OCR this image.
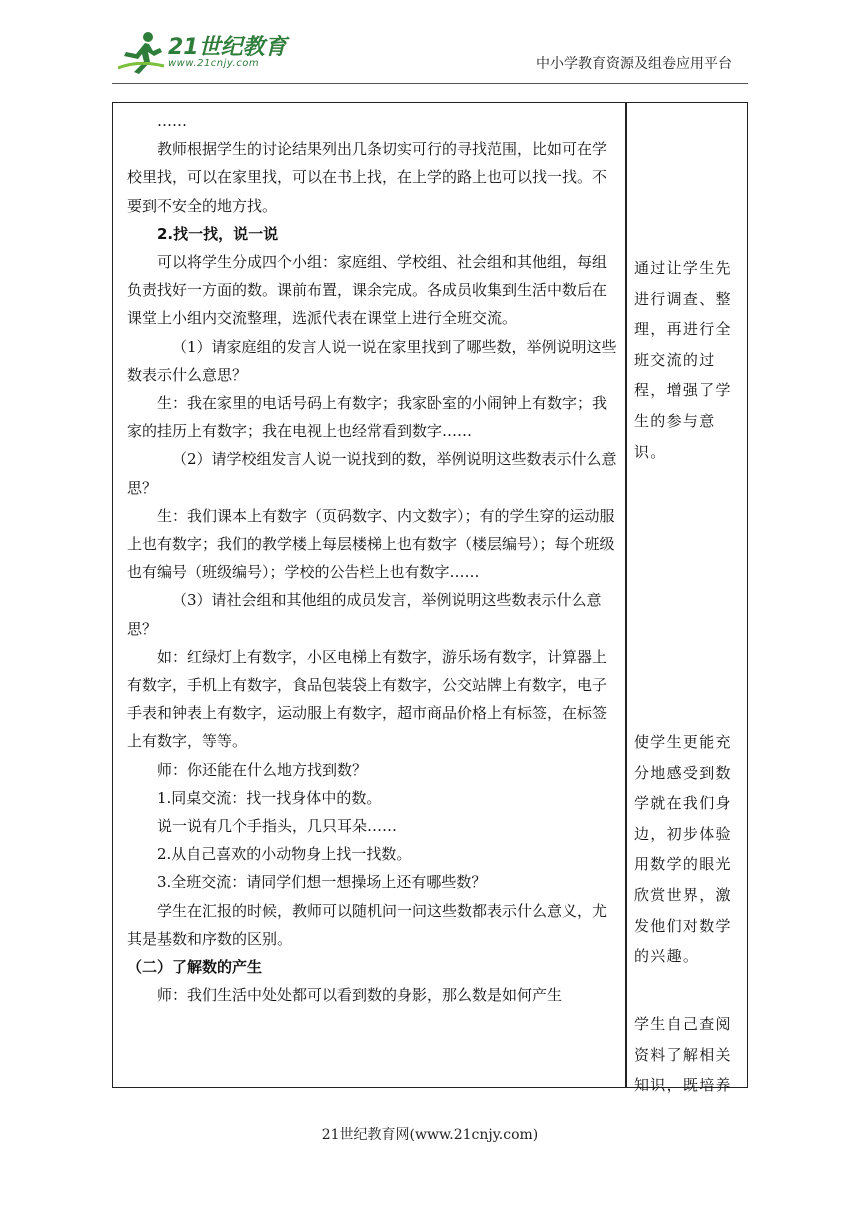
21世纪教育
www.21cnjy.com	中小学教育资源及组卷应用平台

……

教师根据学生的讨论结果列出几条切实可行的寻找范围，比如可在学校里找，可以在家里找，可以在书上找，在上学的路上也可以找一找。不要到不安全的地方找。

2.找一找，说一说

可以将学生分成四个小组：家庭组、学校组、社会组和其他组，每组负责找好一方面的数。课前布置，课余完成。各成员收集到生活中数后在课堂上小组内交流整理，选派代表在课堂上进行全班交流。

（1）请家庭组的发言人说一说在家里找到了哪些数，举例说明这些数表示什么意思？

生：我在家里的电话号码上有数字；我家卧室的小闹钟上有数字；我家的挂历上有数字；我在电视上也经常看到数字……

（2）请学校组发言人说一说找到的数，举例说明这些数表示什么意思？

生：我们课本上有数字（页码数字、内文数字）；有的学生穿的运动服上也有数字；我们的教学楼上每层楼梯上也有数字（楼层编号）；每个班级也有编号（班级编号）；学校的公告栏上也有数字……

（3）请社会组和其他组的成员发言，举例说明这些数表示什么意思？

如：红绿灯上有数字，小区电梯上有数字，游乐场有数字，计算器上有数字，手机上有数字，食品包装袋上有数字，公交站牌上有数字，电子手表和钟表上有数字，运动服上有数字，超市商品价格上有标签，在标签上有数字，等等。

师：你还能在什么地方找到数？

1.同桌交流：找一找身体中的数。

说一说有几个手指头，几只耳朵……

2.从自己喜欢的小动物身上找一找数。

3.全班交流：请同学们想一想操场上还有哪些数？

学生在汇报的时候，教师可以随机问一问这些数都表示什么意义，尤其是基数和序数的区别。

（二）了解数的产生

师：我们生活中处处都可以看到数的身影，那么数是如何产生

通过让学生先进行调查、整理，再进行全班交流的过程，增强了学生的参与意识。
使学生更能充分地感受到数学就在我们身边，初步体验用数学的眼光欣赏世界，激发他们对数学的兴趣。
学生自己查阅资料了解相关知识，既培养
21世纪教育网(www.21cnjy.com)
